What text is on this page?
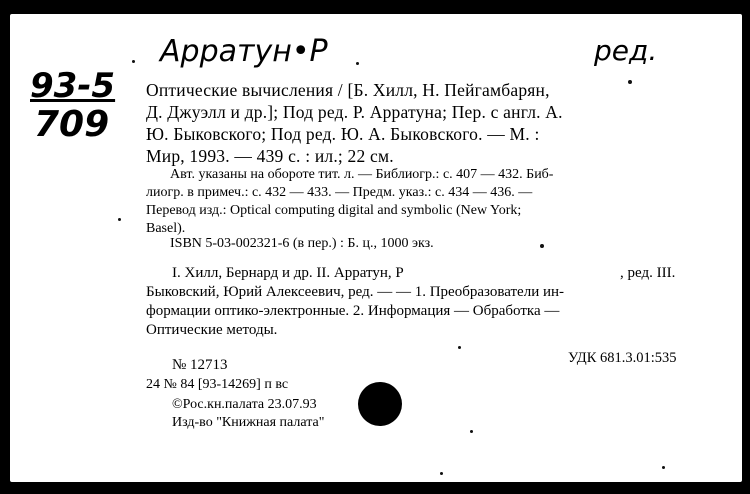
93-5
709
Арратун•Р	ред.
Оптические вычисления / [Б. Хилл, Н. Пейгамбарян,
Д. Джуэлл и др.]; Под ред. Р. Арратуна; Пер. с англ. А.
Ю. Быковского; Под ред. Ю. А. Быковского. — М. :
Мир, 1993. — 439 с. : ил.; 22 см.
Авт. указаны на обороте тит. л. — Библиогр.: с. 407 — 432. Биб-
лиогр. в примеч.: с. 432 — 433. — Предм. указ.: с. 434 — 436. —
Перевод изд.: Optical computing digital and symbolic (New York;
Basel).
ISBN 5-03-002321-6 (в пер.) : Б. ц., 1000 экз.
I. Хилл, Бернард и др. II. Арратун, Р	, ред. III.
Быковский, Юрий Алексеевич, ред. — — 1. Преобразователи ин-
формации оптико-электронные. 2. Информация — Обработка —
Оптические методы.
№ 12713	УДК 681.3.01:535
24 № 84 [93-14269] п вс
©Рос.кн.палата 23.07.93
Изд-во "Книжная палата"
